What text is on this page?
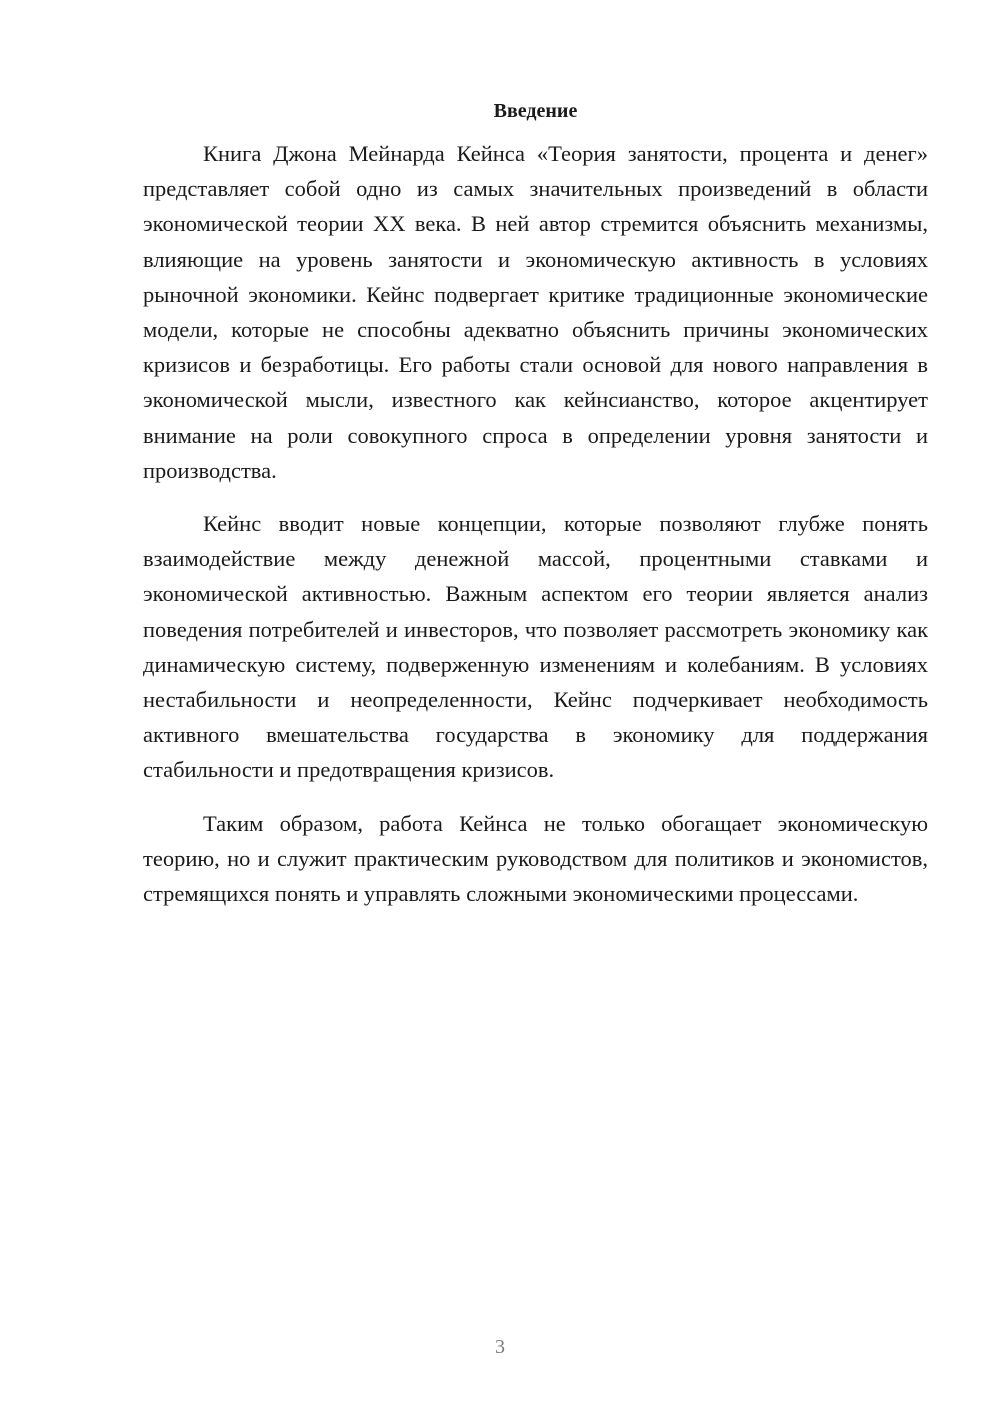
Введение

Книга Джона Мейнарда Кейнса «Теория занятости, процента и денег» представляет собой одно из самых значительных произведений в области экономической теории XX века. В ней автор стремится объяснить механизмы, влияющие на уровень занятости и экономическую активность в условиях рыночной экономики. Кейнс подвергает критике традиционные экономические модели, которые не способны адекватно объяснить причины экономических кризисов и безработицы. Его работы стали основой для нового направления в экономической мысли, известного как кейнсианство, которое акцентирует внимание на роли совокупного спроса в определении уровня занятости и производства.

Кейнс вводит новые концепции, которые позволяют глубже понять взаимодействие между денежной массой, процентными ставками и экономической активностью. Важным аспектом его теории является анализ поведения потребителей и инвесторов, что позволяет рассмотреть экономику как динамическую систему, подверженную изменениям и колебаниям. В условиях нестабильности и неопределенности, Кейнс подчеркивает необходимость активного вмешательства государства в экономику для поддержания стабильности и предотвращения кризисов.

Таким образом, работа Кейнса не только обогащает экономическую теорию, но и служит практическим руководством для политиков и экономистов, стремящихся понять и управлять сложными экономическими процессами.

3
